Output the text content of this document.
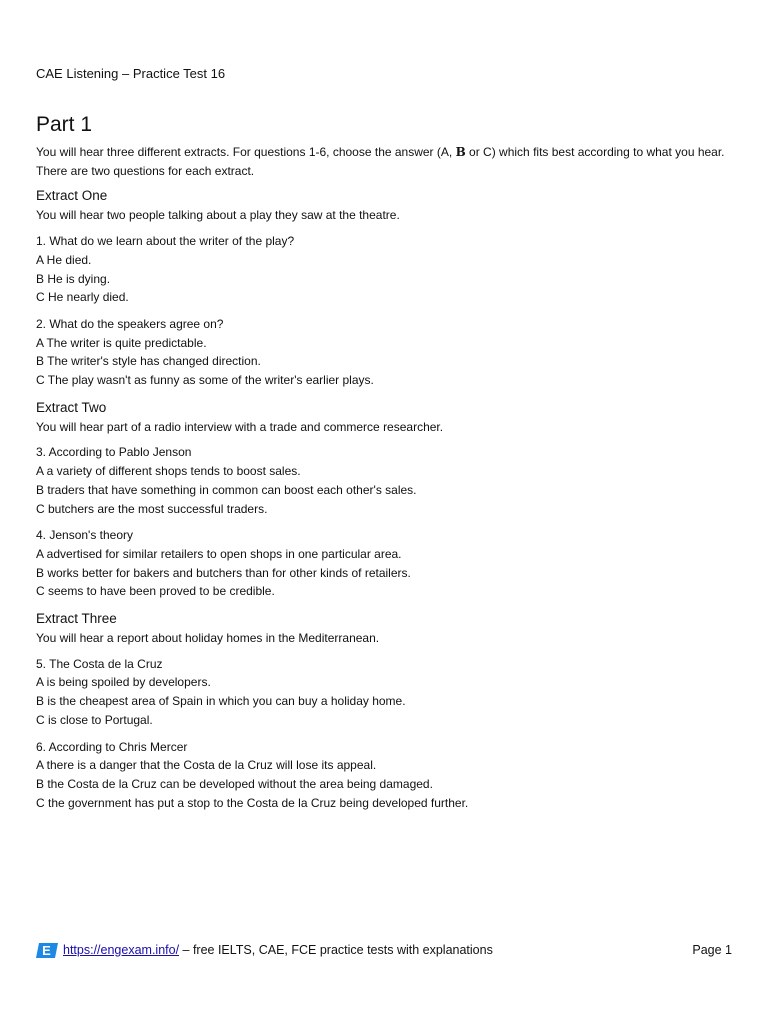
CAE Listening – Practice Test 16
Part 1

You will hear three different extracts. For questions 1-6, choose the answer (A, B or C) which fits best according to what you hear. There are two questions for each extract.

Extract One

You will hear two people talking about a play they saw at the theatre.

1. What do we learn about the writer of the play?
A He died.
B He is dying.
C He nearly died.
2. What do the speakers agree on?
A The writer is quite predictable.
B The writer's style has changed direction.
C The play wasn't as funny as some of the writer's earlier plays.
Extract Two

You will hear part of a radio interview with a trade and commerce researcher.

3. According to Pablo Jenson
A a variety of different shops tends to boost sales.
B traders that have something in common can boost each other's sales.
C butchers are the most successful traders.
4. Jenson's theory
A advertised for similar retailers to open shops in one particular area.
B works better for bakers and butchers than for other kinds of retailers.
C seems to have been proved to be credible.
Extract Three

You will hear a report about holiday homes in the Mediterranean.

5. The Costa de la Cruz
A is being spoiled by developers.
B is the cheapest area of Spain in which you can buy a holiday home.
C is close to Portugal.
6. According to Chris Mercer
A there is a danger that the Costa de la Cruz will lose its appeal.
B the Costa de la Cruz can be developed without the area being damaged.
C the government has put a stop to the Costa de la Cruz being developed further.
E https://engexam.info/ – free IELTS, CAE, FCE practice tests with explanations	Page 1
